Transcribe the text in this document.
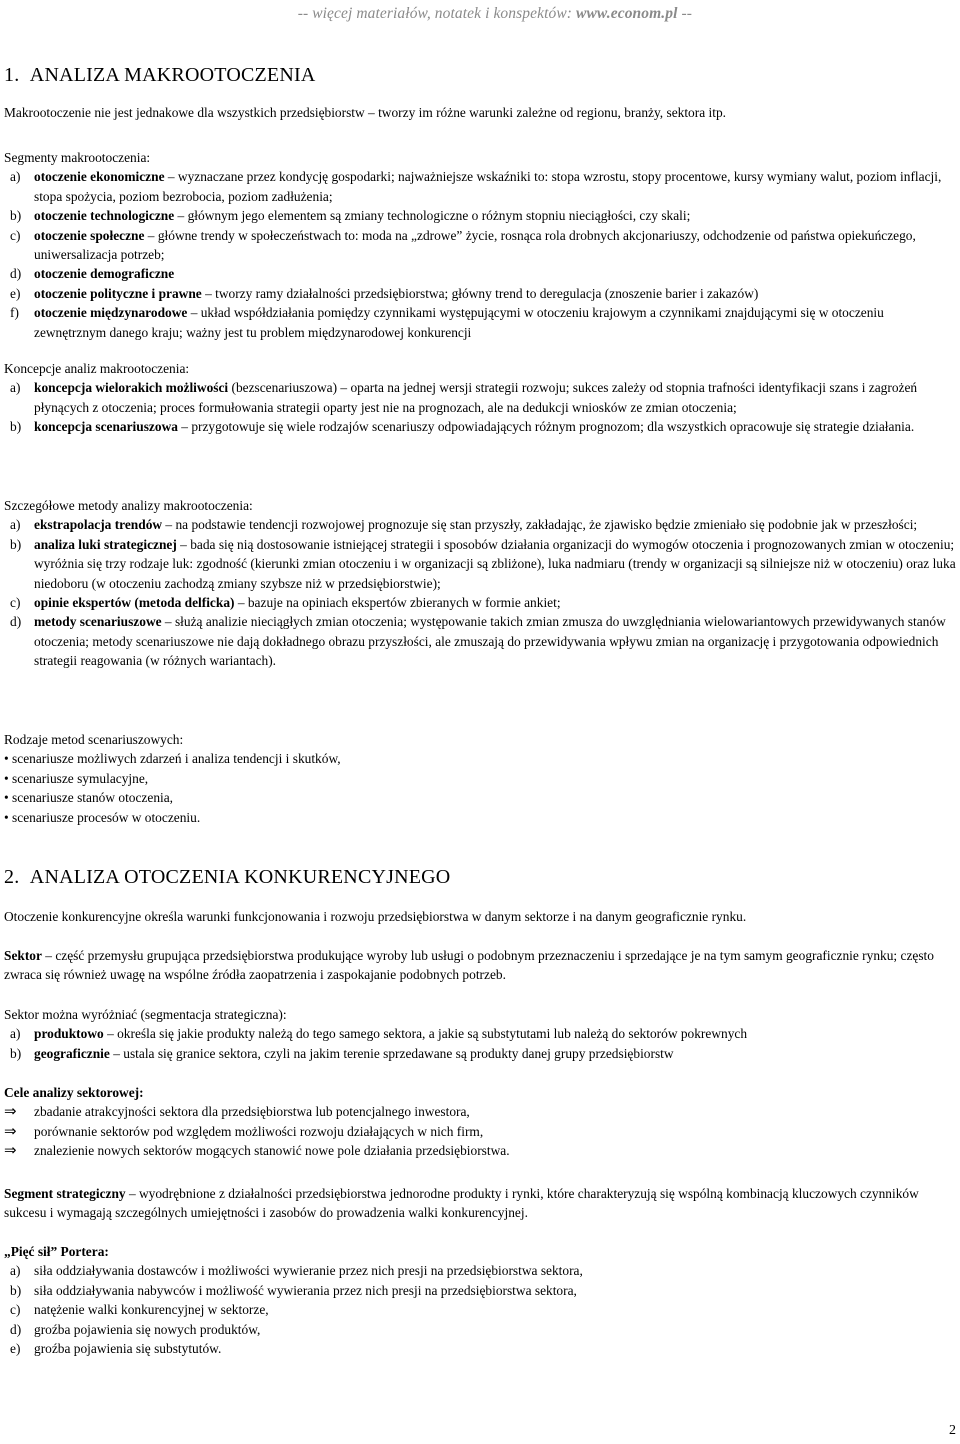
-- więcej materiałów, notatek i konspektów: www.econom.pl --
1.  ANALIZA MAKROOTOCZENIA

Makrootoczenie nie jest jednakowe dla wszystkich przedsiębiorstw – tworzy im różne warunki zależne od regionu, branży, sektora itp.

Segmenty makrootoczenia:

a) otoczenie ekonomiczne – wyznaczane przez kondycję gospodarki; najważniejsze wskaźniki to: stopa wzrostu, stopy procentowe, kursy wymiany walut, poziom inflacji, stopa spożycia, poziom bezrobocia, poziom zadłużenia;
b) otoczenie technologiczne – głównym jego elementem są zmiany technologiczne o różnym stopniu nieciągłości, czy skali;
c) otoczenie społeczne – główne trendy w społeczeństwach to: moda na „zdrowe” życie, rosnąca rola drobnych akcjonariuszy, odchodzenie od państwa opiekuńczego, uniwersalizacja potrzeb;
d) otoczenie demograficzne
e) otoczenie polityczne i prawne – tworzy ramy działalności przedsiębiorstwa; główny trend to deregulacja (znoszenie barier i zakazów)
f) otoczenie międzynarodowe – układ współdziałania pomiędzy czynnikami występującymi w otoczeniu krajowym a czynnikami znajdującymi się w otoczeniu zewnętrznym danego kraju; ważny jest tu problem międzynarodowej konkurencji

Koncepcje analiz makrootoczenia:

a) koncepcja wielorakich możliwości (bezscenariuszowa) – oparta na jednej wersji strategii rozwoju; sukces zależy od stopnia trafności identyfikacji szans i zagrożeń płynących z otoczenia; proces formułowania strategii oparty jest nie na prognozach, ale na dedukcji wniosków ze zmian otoczenia;
b) koncepcja scenariuszowa – przygotowuje się wiele rodzajów scenariuszy odpowiadających różnym prognozom; dla wszystkich opracowuje się strategie działania.

Szczegółowe metody analizy makrootoczenia:

a) ekstrapolacja trendów – na podstawie tendencji rozwojowej prognozuje się stan przyszły, zakładając, że zjawisko będzie zmieniało się podobnie jak w przeszłości;
b) analiza luki strategicznej – bada się nią dostosowanie istniejącej strategii i sposobów działania organizacji do wymogów otoczenia i prognozowanych zmian w otoczeniu; wyróżnia się trzy rodzaje luk: zgodność (kierunki zmian otoczeniu i w organizacji są zbliżone), luka nadmiaru (trendy w organizacji są silniejsze niż w otoczeniu) oraz luka niedoboru (w otoczeniu zachodzą zmiany szybsze niż w przedsiębiorstwie);
c) opinie ekspertów (metoda delficka) – bazuje na opiniach ekspertów zbieranych w formie ankiet;
d) metody scenariuszowe – służą analizie nieciągłych zmian otoczenia; występowanie takich zmian zmusza do uwzględniania wielowariantowych przewidywanych stanów otoczenia; metody scenariuszowe nie dają dokładnego obrazu przyszłości, ale zmuszają do przewidywania wpływu zmian na organizację i przygotowania odpowiednich strategii reagowania (w różnych wariantach).

Rodzaje metod scenariuszowych:

• scenariusze możliwych zdarzeń i analiza tendencji i skutków,
• scenariusze symulacyjne,
• scenariusze stanów otoczenia,
• scenariusze procesów w otoczeniu.
2.  ANALIZA OTOCZENIA KONKURENCYJNEGO

Otoczenie konkurencyjne określa warunki funkcjonowania i rozwoju przedsiębiorstwa w danym sektorze i na danym geograficznie rynku.

Sektor – część przemysłu grupująca przedsiębiorstwa produkujące wyroby lub usługi o podobnym przeznaczeniu i sprzedające je na tym samym geograficznie rynku; często zwraca się również uwagę na wspólne źródła zaopatrzenia i zaspokajanie podobnych potrzeb.

Sektor można wyróżniać (segmentacja strategiczna):

a) produktowo – określa się jakie produkty należą do tego samego sektora, a jakie są substytutami lub należą do sektorów pokrewnych
b) geograficznie – ustala się granice sektora, czyli na jakim terenie sprzedawane są produkty danej grupy przedsiębiorstw

Cele analizy sektorowej:

⇒ zbadanie atrakcyjności sektora dla przedsiębiorstwa lub potencjalnego inwestora,
⇒ porównanie sektorów pod względem możliwości rozwoju działających w nich firm,
⇒ znalezienie nowych sektorów mogących stanowić nowe pole działania przedsiębiorstwa.

Segment strategiczny – wyodrębnione z działalności przedsiębiorstwa jednorodne produkty i rynki, które charakteryzują się wspólną kombinacją kluczowych czynników sukcesu i wymagają szczególnych umiejętności i zasobów do prowadzenia walki konkurencyjnej.

„Pięć sił” Portera:

a) siła oddziaływania dostawców i możliwości wywieranie przez nich presji na przedsiębiorstwa sektora,
b) siła oddziaływania nabywców i możliwość wywierania przez nich presji na przedsiębiorstwa sektora,
c) natężenie walki konkurencyjnej w sektorze,
d) groźba pojawienia się nowych produktów,
e) groźba pojawienia się substytutów.
2
